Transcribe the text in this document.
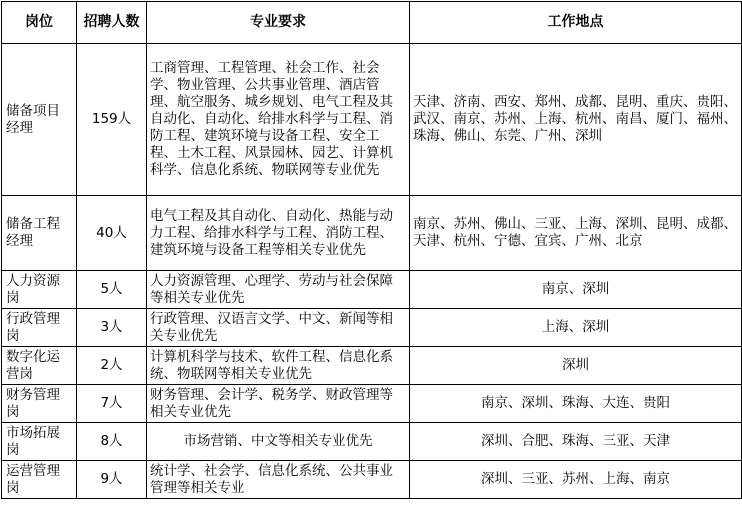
岗位	招聘人数	专业要求	工作地点
储备项目经理	159人	工商管理、工程管理、社会工作、社会学、物业管理、公共事业管理、酒店管理、航空服务、城乡规划、电气工程及其自动化、自动化、给排水科学与工程、消防工程、建筑环境与设备工程、安全工程、土木工程、风景园林、园艺、计算机科学、信息化系统、物联网等专业优先	天津、济南、西安、郑州、成都、昆明、重庆、贵阳、武汉、南京、苏州、上海、杭州、南昌、厦门、福州、珠海、佛山、东莞、广州、深圳
储备工程经理	40人	电气工程及其自动化、自动化、热能与动力工程、给排水科学与工程、消防工程、建筑环境与设备工程等相关专业优先	南京、苏州、佛山、三亚、上海、深圳、昆明、成都、天津、杭州、宁德、宜宾、广州、北京
人力资源岗	5人	人力资源管理、心理学、劳动与社会保障等相关专业优先	南京、深圳
行政管理岗	3人	行政管理、汉语言文学、中文、新闻等相关专业优先	上海、深圳
数字化运营岗	2人	计算机科学与技术、软件工程、信息化系统、物联网等相关专业优先	深圳
财务管理岗	7人	财务管理、会计学、税务学、财政管理等相关专业优先	南京、深圳、珠海、大连、贵阳
市场拓展岗	8人	市场营销、中文等相关专业优先	深圳、合肥、珠海、三亚、天津
运营管理岗	9人	统计学、社会学、信息化系统、公共事业管理等相关专业	深圳、三亚、苏州、上海、南京
